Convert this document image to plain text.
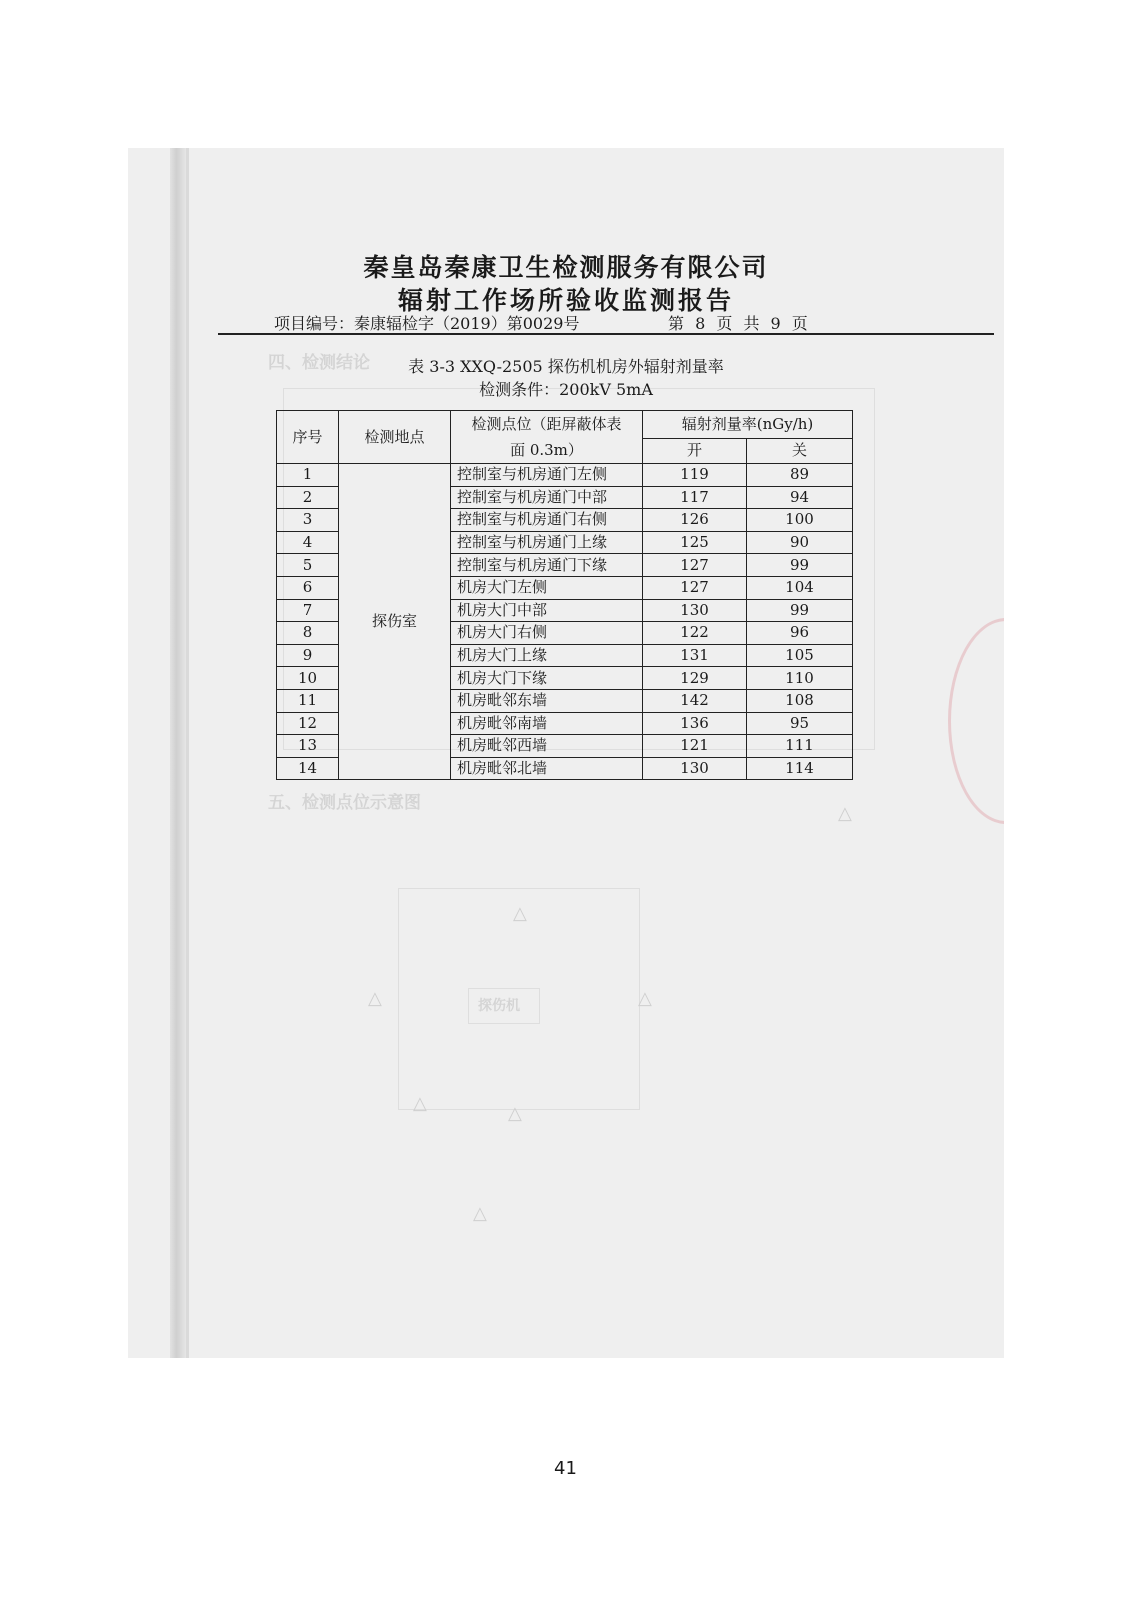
四、检测结论
五、检测点位示意图
探伤机
△	△
△	△
△
△
△
秦皇岛秦康卫生检测服务有限公司
辐射工作场所验收监测报告
项目编号：秦康辐检字（2019）第0029号	第 8 页 共 9 页
表 3-3 XXQ-2505 探伤机机房外辐射剂量率
检测条件：200kV 5mA
序号	检测地点	检测点位（距屏蔽体表
面 0.3m）	辐射剂量率(nGy/h)	
			开	关
1	探伤室	控制室与机房通门左侧	119	89
2		控制室与机房通门中部	117	94
3		控制室与机房通门右侧	126	100
4		控制室与机房通门上缘	125	90
5		控制室与机房通门下缘	127	99
6		机房大门左侧	127	104
7		机房大门中部	130	99
8		机房大门右侧	122	96
9		机房大门上缘	131	105
10		机房大门下缘	129	110
11		机房毗邻东墙	142	108
12		机房毗邻南墙	136	95
13		机房毗邻西墙	121	111
14		机房毗邻北墙	130	114
41
